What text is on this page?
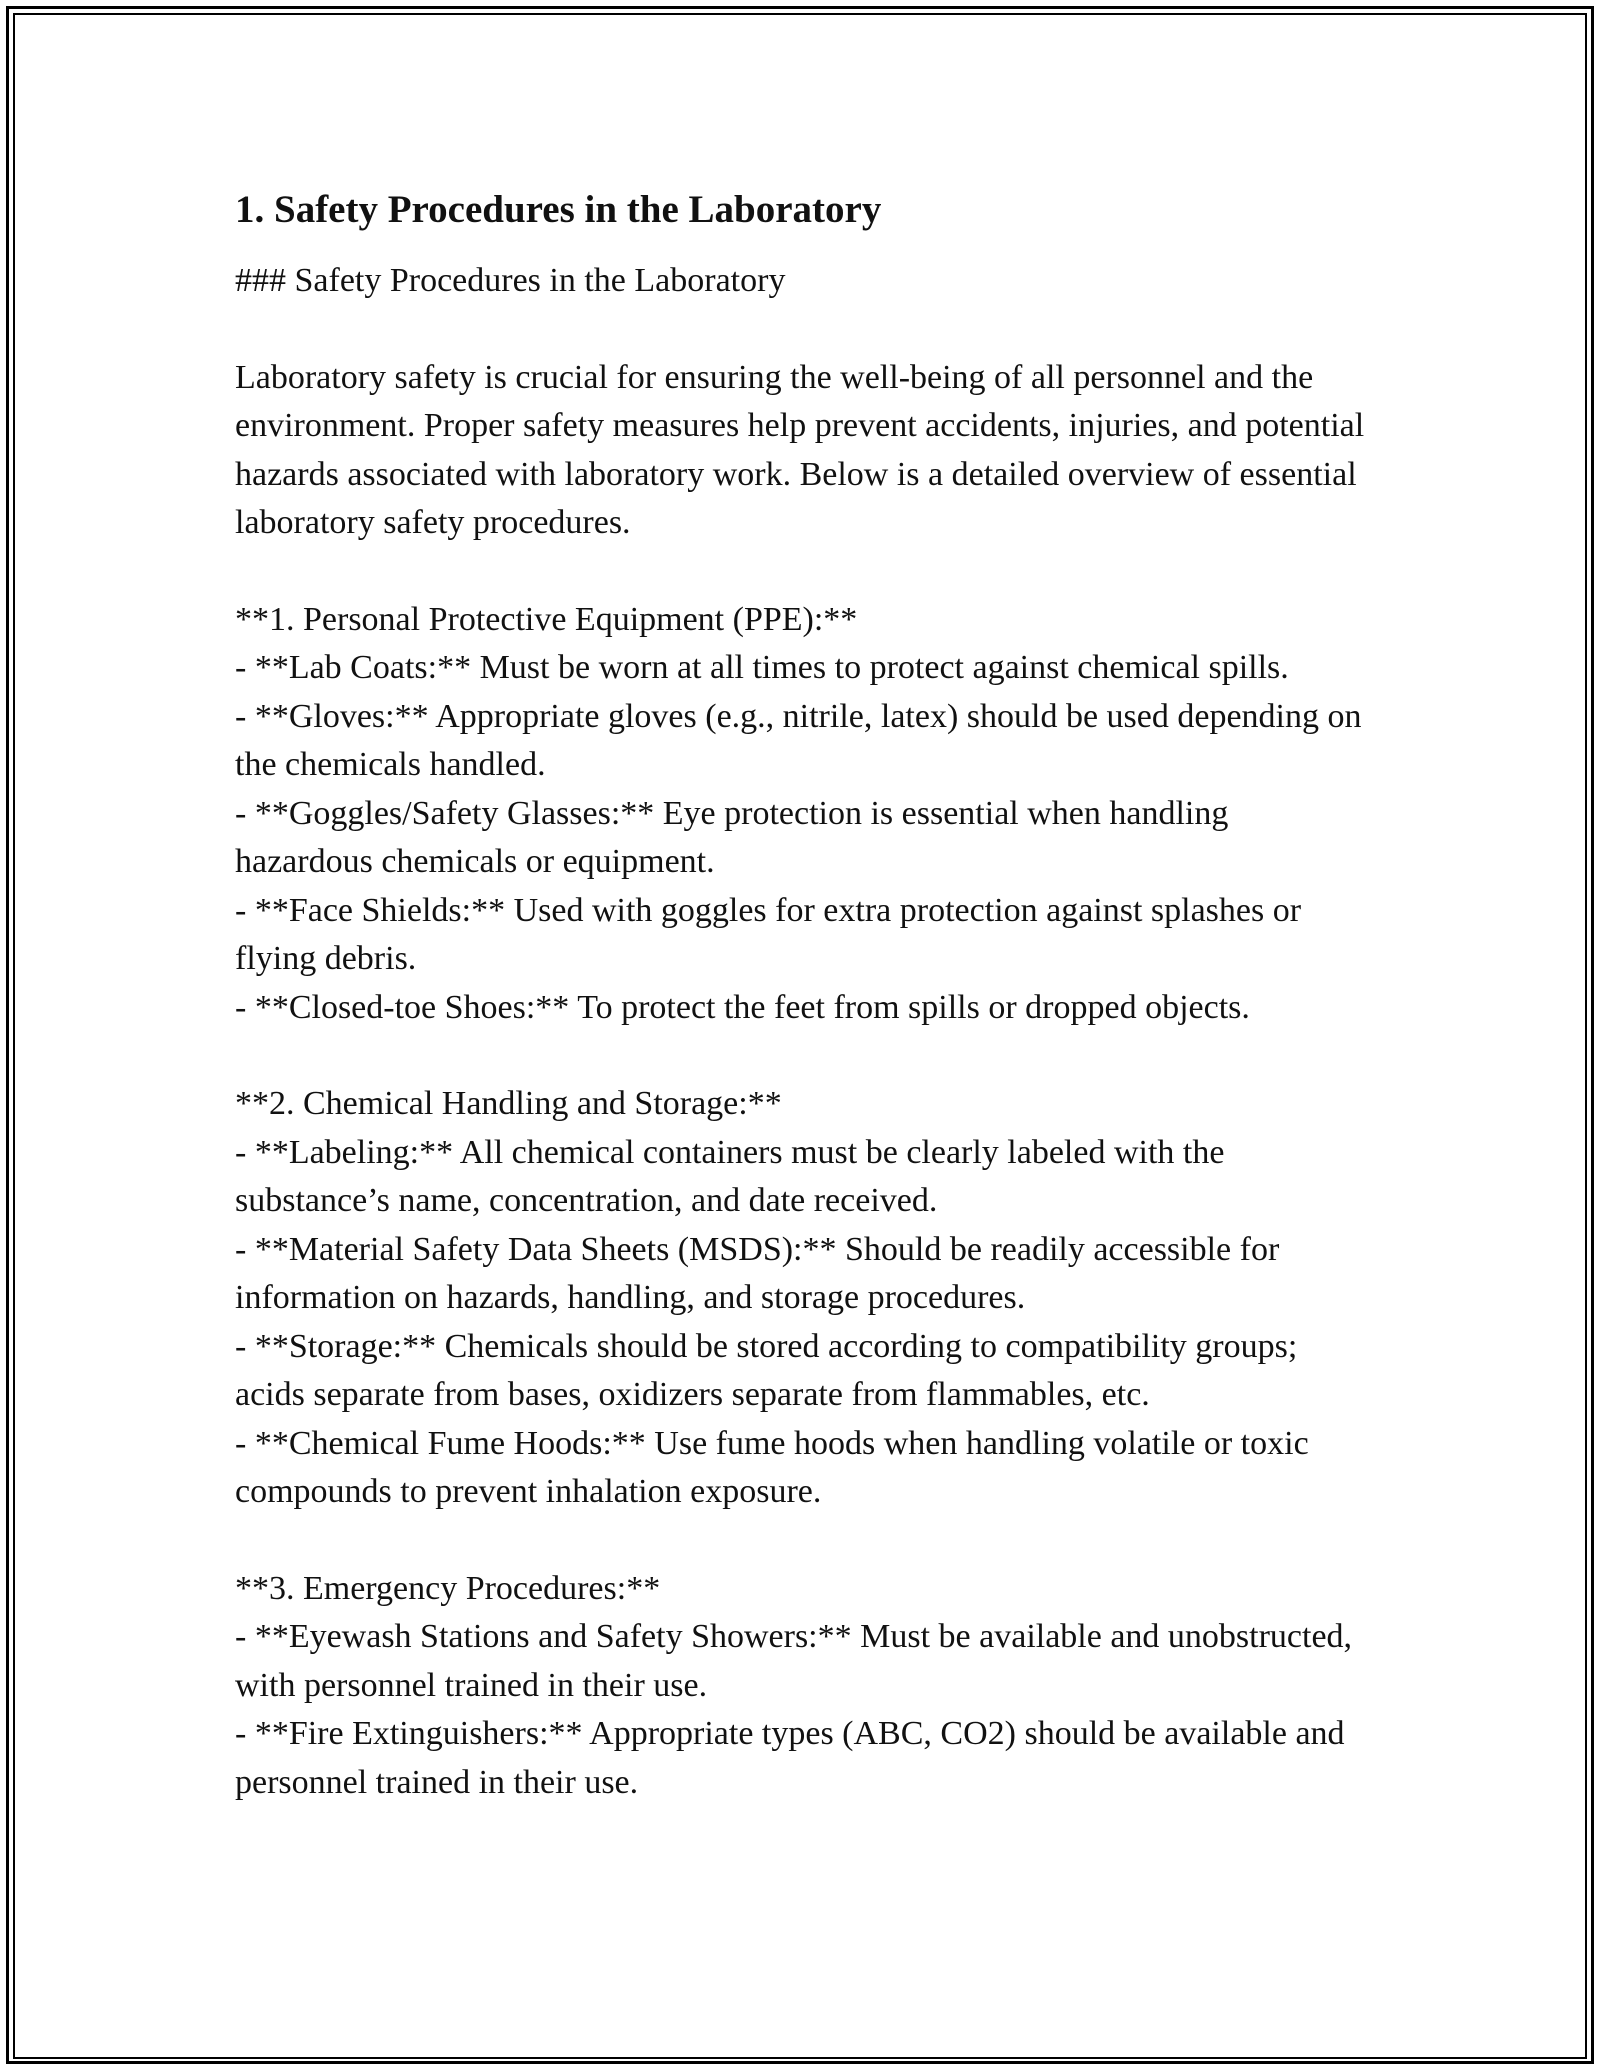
1. Safety Procedures in the Laboratory

### Safety Procedures in the Laboratory

Laboratory safety is crucial for ensuring the well-being of all personnel and the environment. Proper safety measures help prevent accidents, injuries, and potential hazards associated with laboratory work. Below is a detailed overview of essential laboratory safety procedures.

**1. Personal Protective Equipment (PPE):**
- **Lab Coats:** Must be worn at all times to protect against chemical spills.
- **Gloves:** Appropriate gloves (e.g., nitrile, latex) should be used depending on the chemicals handled.
- **Goggles/Safety Glasses:** Eye protection is essential when handling hazardous chemicals or equipment.
- **Face Shields:** Used with goggles for extra protection against splashes or flying debris.
- **Closed-toe Shoes:** To protect the feet from spills or dropped objects.
**2. Chemical Handling and Storage:**
- **Labeling:** All chemical containers must be clearly labeled with the substance’s name, concentration, and date received.
- **Material Safety Data Sheets (MSDS):** Should be readily accessible for information on hazards, handling, and storage procedures.
- **Storage:** Chemicals should be stored according to compatibility groups; acids separate from bases, oxidizers separate from flammables, etc.
- **Chemical Fume Hoods:** Use fume hoods when handling volatile or toxic compounds to prevent inhalation exposure.
**3. Emergency Procedures:**
- **Eyewash Stations and Safety Showers:** Must be available and unobstructed, with personnel trained in their use.
- **Fire Extinguishers:** Appropriate types (ABC, CO2) should be available and personnel trained in their use.
